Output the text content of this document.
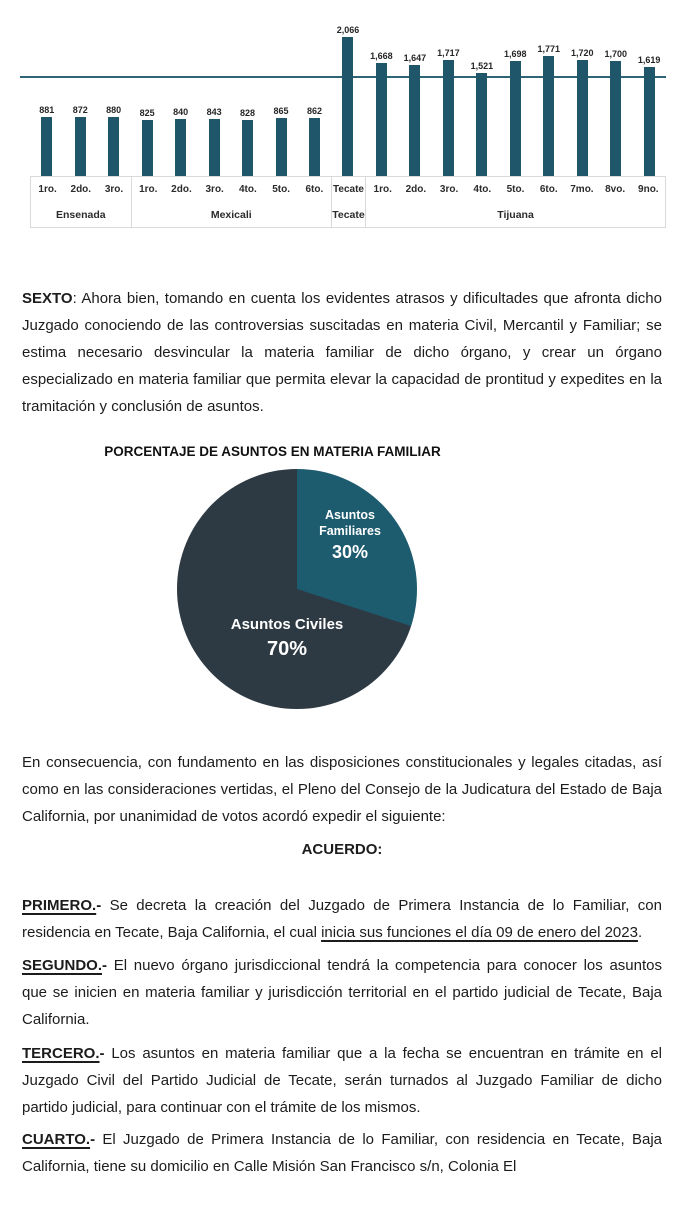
881 872 880 825 840 843 828 865 862
2,066
1,668 1,647 1,717
1,521
1,698 1,771 1,720 1,700
1,619
1ro.	2do.	3ro.
Ensenada
1ro.	2do.	3ro.	4to.	5to.	6to.
Mexicali
Tecate
Tecate
1ro.	2do.	3ro.	4to.	5to.	6to.	7mo.	8vo.	9no.
Tijuana

SEXTO: Ahora bien, tomando en cuenta los evidentes atrasos y dificultades que afronta dicho Juzgado conociendo de las controversias suscitadas en materia Civil, Mercantil y Familiar; se estima necesario desvincular la materia familiar de dicho órgano, y crear un órgano especializado en materia familiar que permita elevar la capacidad de prontitud y expedites en la tramitación y conclusión de asuntos.

PORCENTAJE DE ASUNTOS EN MATERIA FAMILIAR
Asuntos
Familiares
30%
Asuntos Civiles
70%

En consecuencia, con fundamento en las disposiciones constitucionales y legales citadas, así como en las consideraciones vertidas, el Pleno del Consejo de la Judicatura del Estado de Baja California, por unanimidad de votos acordó expedir el siguiente:

ACUERDO:

PRIMERO.- Se decreta la creación del Juzgado de Primera Instancia de lo Familiar, con residencia en Tecate, Baja California, el cual inicia sus funciones el día 09 de enero del 2023.

SEGUNDO.- El nuevo órgano jurisdiccional tendrá la competencia para conocer los asuntos que se inicien en materia familiar y jurisdicción territorial en el partido judicial de Tecate, Baja California.

TERCERO.- Los asuntos en materia familiar que a la fecha se encuentran en trámite en el Juzgado Civil del Partido Judicial de Tecate, serán turnados al Juzgado Familiar de dicho partido judicial, para continuar con el trámite de los mismos.

CUARTO.- El Juzgado de Primera Instancia de lo Familiar, con residencia en Tecate, Baja California, tiene su domicilio en Calle Misión San Francisco s/n, Colonia El
